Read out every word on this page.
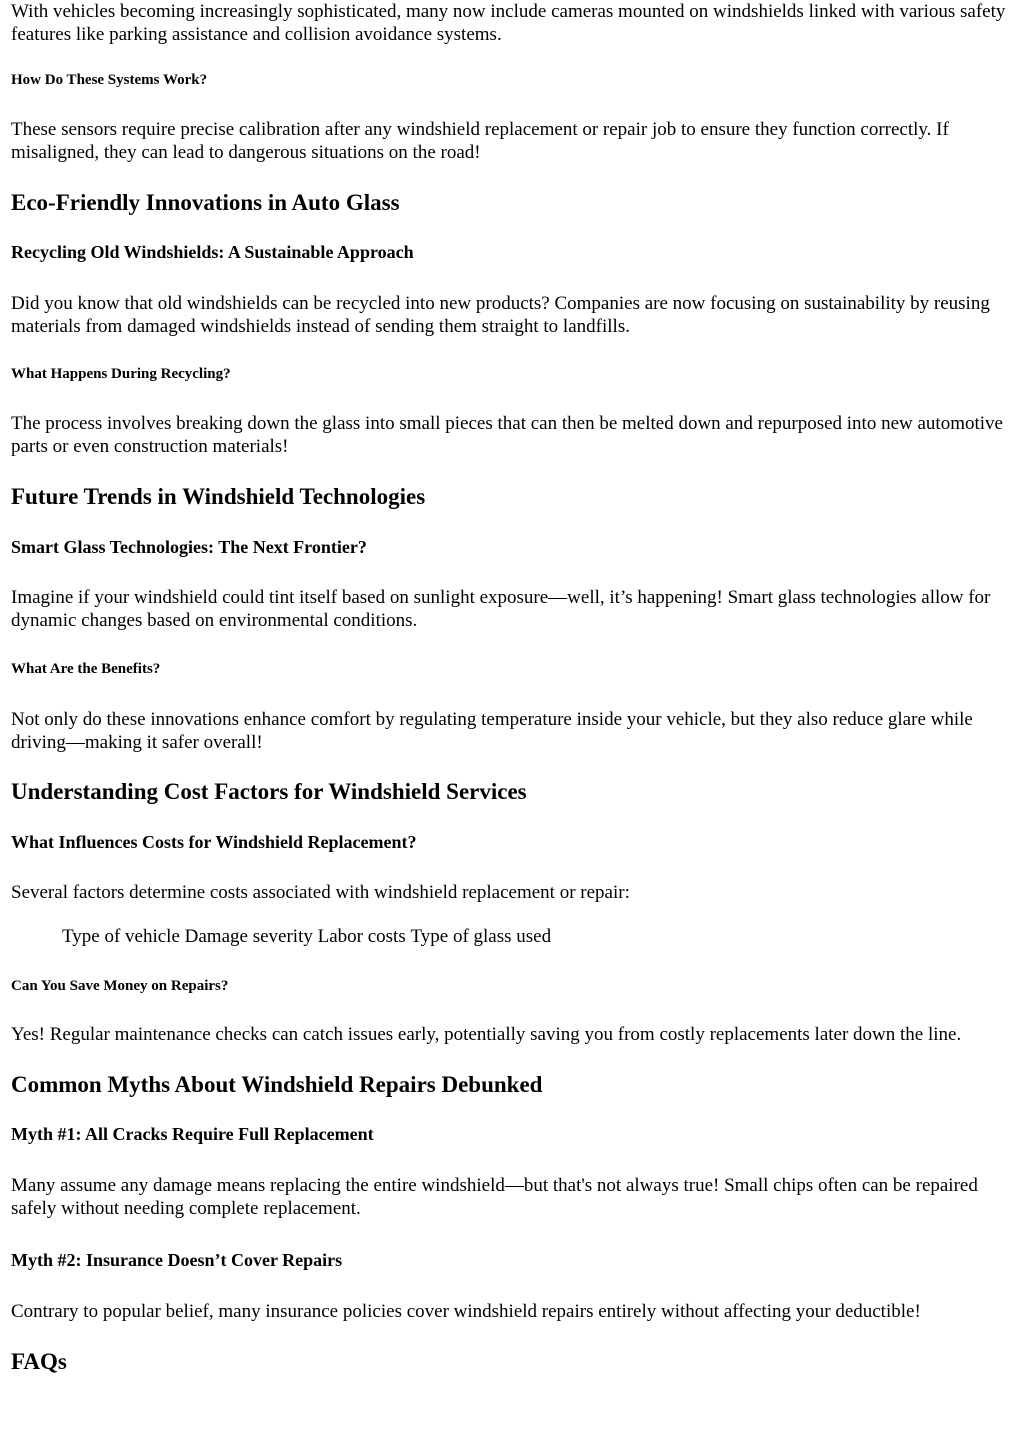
With vehicles becoming increasingly sophisticated, many now include cameras mounted on windshields linked with various safety features like parking assistance and collision avoidance systems.

How Do These Systems Work?

These sensors require precise calibration after any windshield replacement or repair job to ensure they function correctly. If misaligned, they can lead to dangerous situations on the road!

Eco-Friendly Innovations in Auto Glass
Recycling Old Windshields: A Sustainable Approach

Did you know that old windshields can be recycled into new products? Companies are now focusing on sustainability by reusing materials from damaged windshields instead of sending them straight to landfills.

What Happens During Recycling?

The process involves breaking down the glass into small pieces that can then be melted down and repurposed into new automotive parts or even construction materials!

Future Trends in Windshield Technologies
Smart Glass Technologies: The Next Frontier?

Imagine if your windshield could tint itself based on sunlight exposure—well, it’s happening! Smart glass technologies allow for dynamic changes based on environmental conditions.

What Are the Benefits?

Not only do these innovations enhance comfort by regulating temperature inside your vehicle, but they also reduce glare while driving—making it safer overall!

Understanding Cost Factors for Windshield Services
What Influences Costs for Windshield Replacement?

Several factors determine costs associated with windshield replacement or repair:

Type of vehicle Damage severity Labor costs Type of glass used
Can You Save Money on Repairs?

Yes! Regular maintenance checks can catch issues early, potentially saving you from costly replacements later down the line.

Common Myths About Windshield Repairs Debunked
Myth #1: All Cracks Require Full Replacement

Many assume any damage means replacing the entire windshield—but that's not always true! Small chips often can be repaired safely without needing complete replacement.

Myth #2: Insurance Doesn’t Cover Repairs

Contrary to popular belief, many insurance policies cover windshield repairs entirely without affecting your deductible!

FAQs
